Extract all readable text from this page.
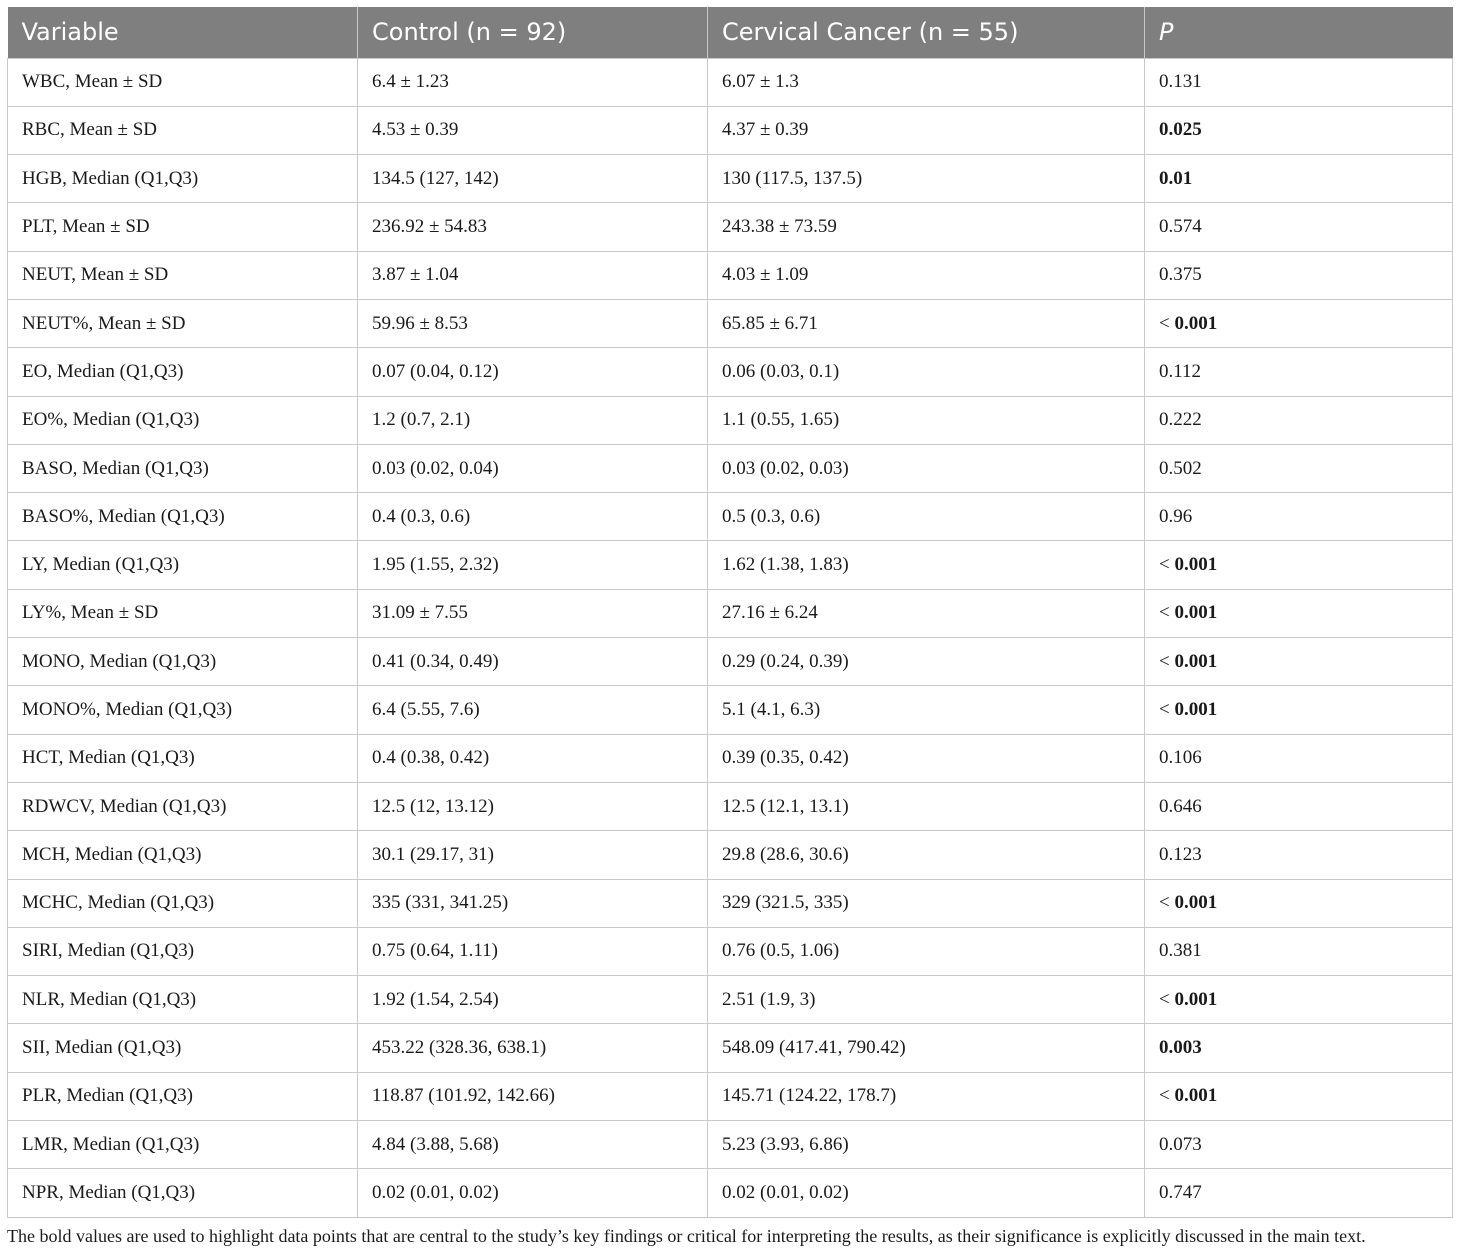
Variable	Control (n = 92)	Cervical Cancer (n = 55)	P
WBC, Mean ± SD	6.4 ± 1.23	6.07 ± 1.3	0.131
RBC, Mean ± SD	4.53 ± 0.39	4.37 ± 0.39	0.025
HGB, Median (Q1,Q3)	134.5 (127, 142)	130 (117.5, 137.5)	0.01
PLT, Mean ± SD	236.92 ± 54.83	243.38 ± 73.59	0.574
NEUT, Mean ± SD	3.87 ± 1.04	4.03 ± 1.09	0.375
NEUT%, Mean ± SD	59.96 ± 8.53	65.85 ± 6.71	< 0.001
EO, Median (Q1,Q3)	0.07 (0.04, 0.12)	0.06 (0.03, 0.1)	0.112
EO%, Median (Q1,Q3)	1.2 (0.7, 2.1)	1.1 (0.55, 1.65)	0.222
BASO, Median (Q1,Q3)	0.03 (0.02, 0.04)	0.03 (0.02, 0.03)	0.502
BASO%, Median (Q1,Q3)	0.4 (0.3, 0.6)	0.5 (0.3, 0.6)	0.96
LY, Median (Q1,Q3)	1.95 (1.55, 2.32)	1.62 (1.38, 1.83)	< 0.001
LY%, Mean ± SD	31.09 ± 7.55	27.16 ± 6.24	< 0.001
MONO, Median (Q1,Q3)	0.41 (0.34, 0.49)	0.29 (0.24, 0.39)	< 0.001
MONO%, Median (Q1,Q3)	6.4 (5.55, 7.6)	5.1 (4.1, 6.3)	< 0.001
HCT, Median (Q1,Q3)	0.4 (0.38, 0.42)	0.39 (0.35, 0.42)	0.106
RDWCV, Median (Q1,Q3)	12.5 (12, 13.12)	12.5 (12.1, 13.1)	0.646
MCH, Median (Q1,Q3)	30.1 (29.17, 31)	29.8 (28.6, 30.6)	0.123
MCHC, Median (Q1,Q3)	335 (331, 341.25)	329 (321.5, 335)	< 0.001
SIRI, Median (Q1,Q3)	0.75 (0.64, 1.11)	0.76 (0.5, 1.06)	0.381
NLR, Median (Q1,Q3)	1.92 (1.54, 2.54)	2.51 (1.9, 3)	< 0.001
SII, Median (Q1,Q3)	453.22 (328.36, 638.1)	548.09 (417.41, 790.42)	0.003
PLR, Median (Q1,Q3)	118.87 (101.92, 142.66)	145.71 (124.22, 178.7)	< 0.001
LMR, Median (Q1,Q3)	4.84 (3.88, 5.68)	5.23 (3.93, 6.86)	0.073
NPR, Median (Q1,Q3)	0.02 (0.01, 0.02)	0.02 (0.01, 0.02)	0.747
The bold values are used to highlight data points that are central to the study’s key findings or critical for interpreting the results, as their significance is explicitly discussed in the main text.
